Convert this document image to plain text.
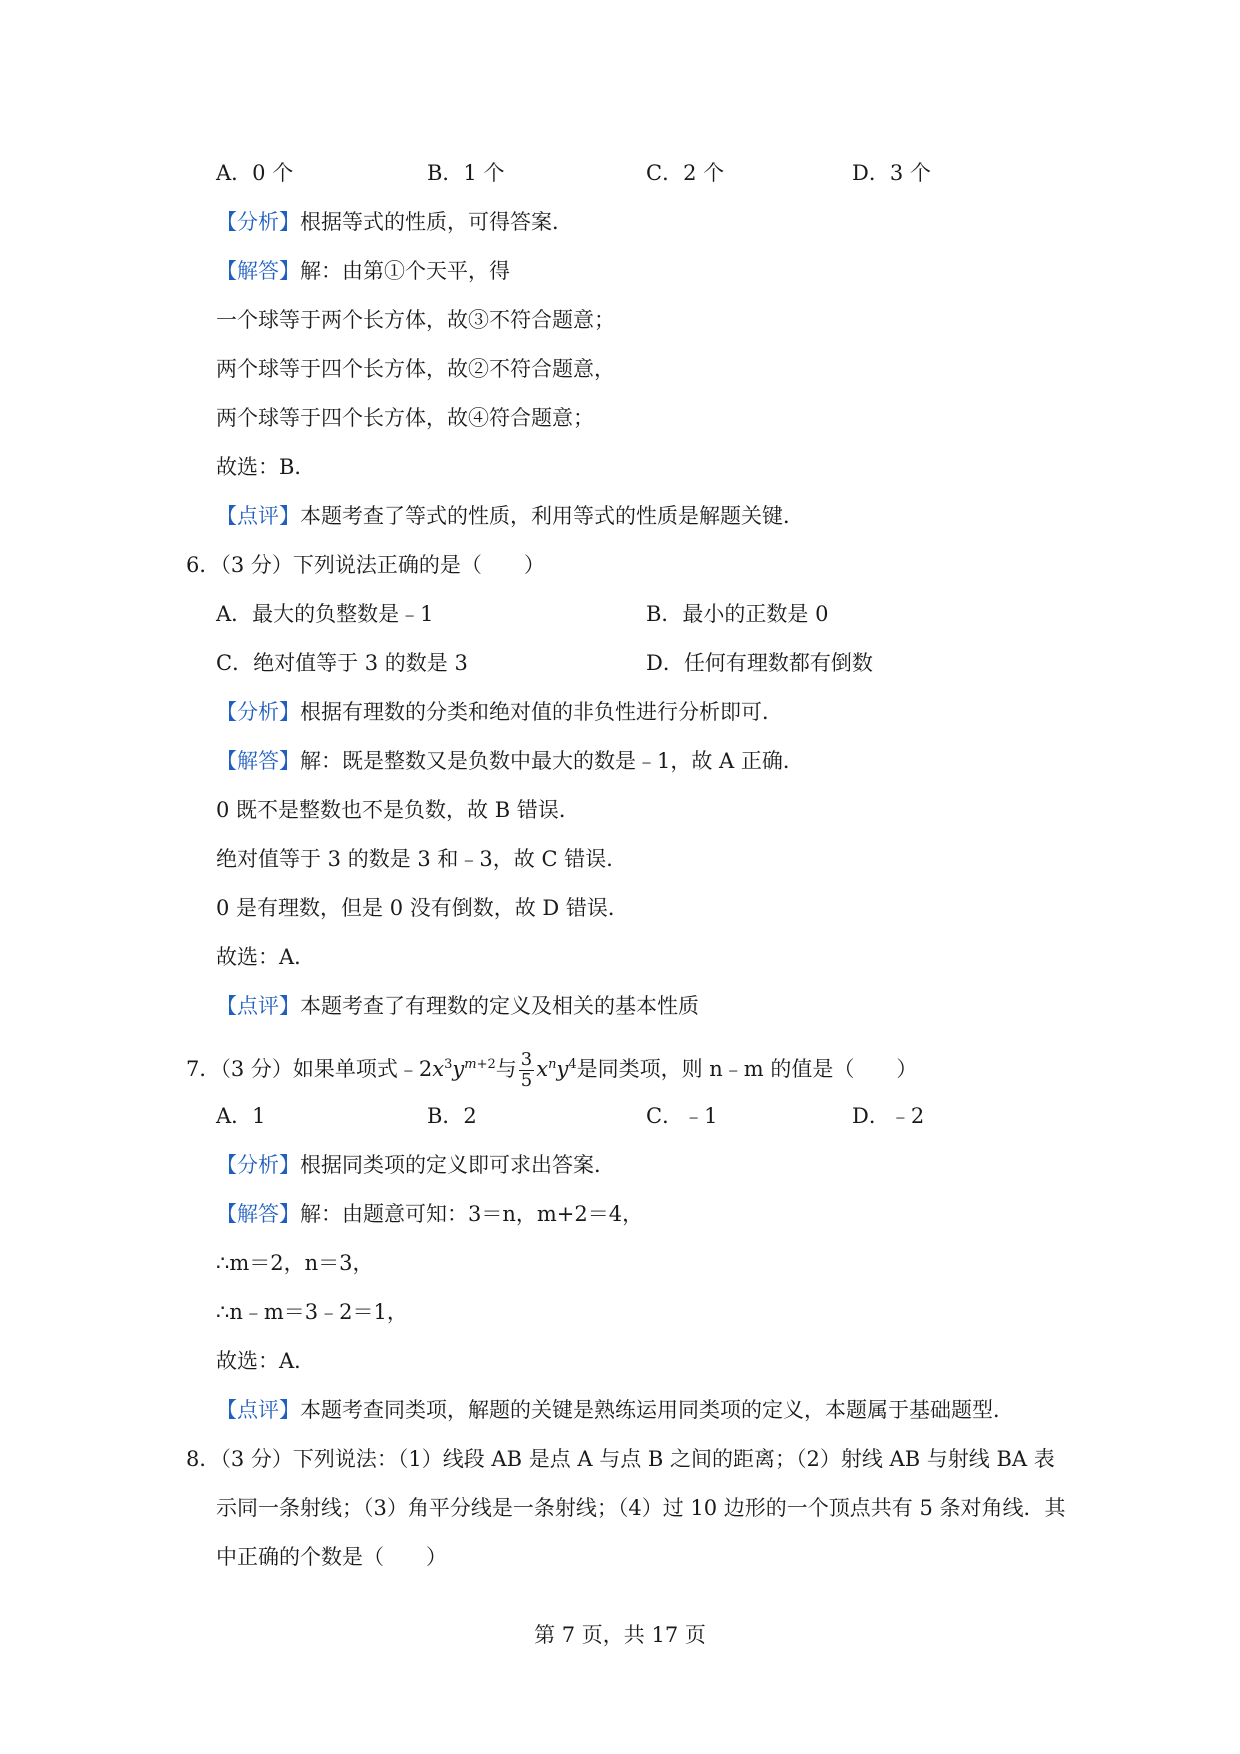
A．0 个	B．1 个	C．2 个	D．3 个
【分析】根据等式的性质，可得答案．
【解答】解：由第①个天平，得
一个球等于两个长方体，故③不符合题意；
两个球等于四个长方体，故②不符合题意，
两个球等于四个长方体，故④符合题意；
故选：B．
【点评】本题考查了等式的性质，利用等式的性质是解题关键．
6．（3 分）下列说法正确的是（　　）
A．最大的负整数是﹣1	B．最小的正数是 0
C．绝对值等于 3 的数是 3	D．任何有理数都有倒数
【分析】根据有理数的分类和绝对值的非负性进行分析即可．
【解答】解：既是整数又是负数中最大的数是﹣1，故 A 正确．
0 既不是整数也不是负数，故 B 错误．
绝对值等于 3 的数是 3 和﹣3，故 C 错误．
0 是有理数，但是 0 没有倒数，故 D 错误．
故选：A．
【点评】本题考查了有理数的定义及相关的基本性质
7．（3 分）如果单项式$﹣2x^3y^{m+2}$与 $\frac{3}{5} x^ny^4$是同类项，则 n﹣m 的值是（　　）
A．1	B．2	C．﹣1	D．﹣2
【分析】根据同类项的定义即可求出答案．
【解答】解：由题意可知：3＝n，m+2＝4，
∴m＝2，n＝3，
∴n﹣m＝3﹣2＝1，
故选：A．
【点评】本题考查同类项，解题的关键是熟练运用同类项的定义，本题属于基础题型．
8．（3 分）下列说法：（1）线段 AB 是点 A 与点 B 之间的距离；（2）射线 AB 与射线 BA 表
示同一条射线；（3）角平分线是一条射线；（4）过 10 边形的一个顶点共有 5 条对角线．其
中正确的个数是（　　）
第 7 页，共 17 页
